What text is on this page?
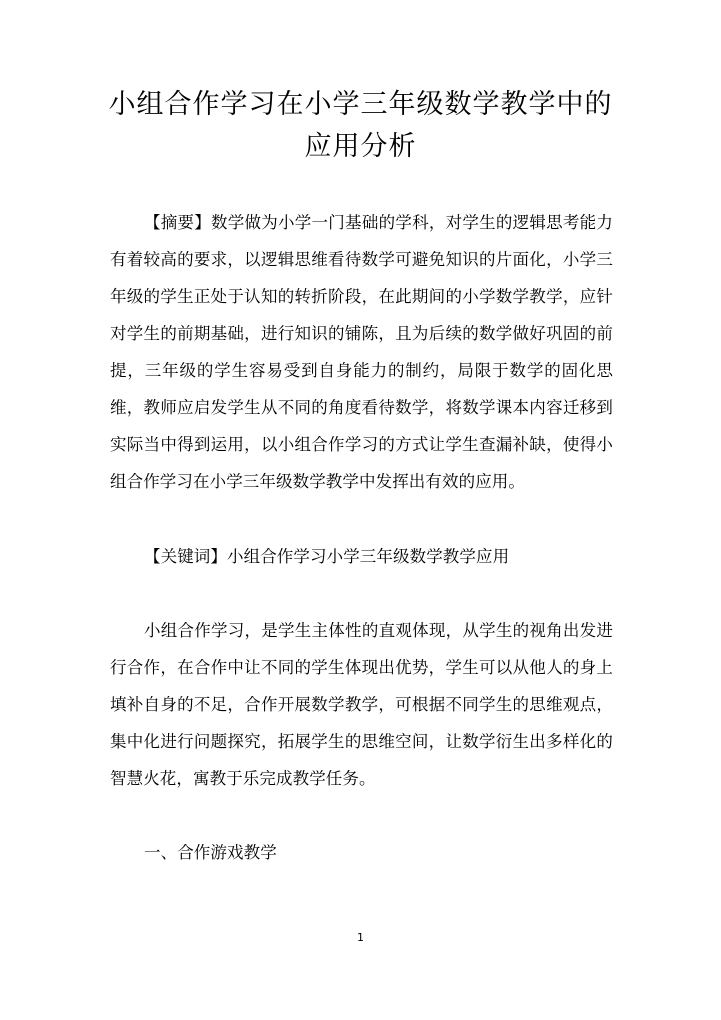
小组合作学习在小学三年级数学教学中的
应用分析
【摘要】数学做为小学一门基础的学科，对学生的逻辑思考能力有着较高的要求，以逻辑思维看待数学可避免知识的片面化，小学三年级的学生正处于认知的转折阶段，在此期间的小学数学教学，应针对学生的前期基础，进行知识的铺陈，且为后续的数学做好巩固的前提，三年级的学生容易受到自身能力的制约，局限于数学的固化思维，教师应启发学生从不同的角度看待数学，将数学课本内容迁移到实际当中得到运用，以小组合作学习的方式让学生查漏补缺，使得小组合作学习在小学三年级数学教学中发挥出有效的应用。
【关键词】小组合作学习小学三年级数学教学应用
小组合作学习，是学生主体性的直观体现，从学生的视角出发进行合作，在合作中让不同的学生体现出优势，学生可以从他人的身上填补自身的不足，合作开展数学教学，可根据不同学生的思维观点，集中化进行问题探究，拓展学生的思维空间，让数学衍生出多样化的智慧火花，寓教于乐完成教学任务。
一、合作游戏教学
1
